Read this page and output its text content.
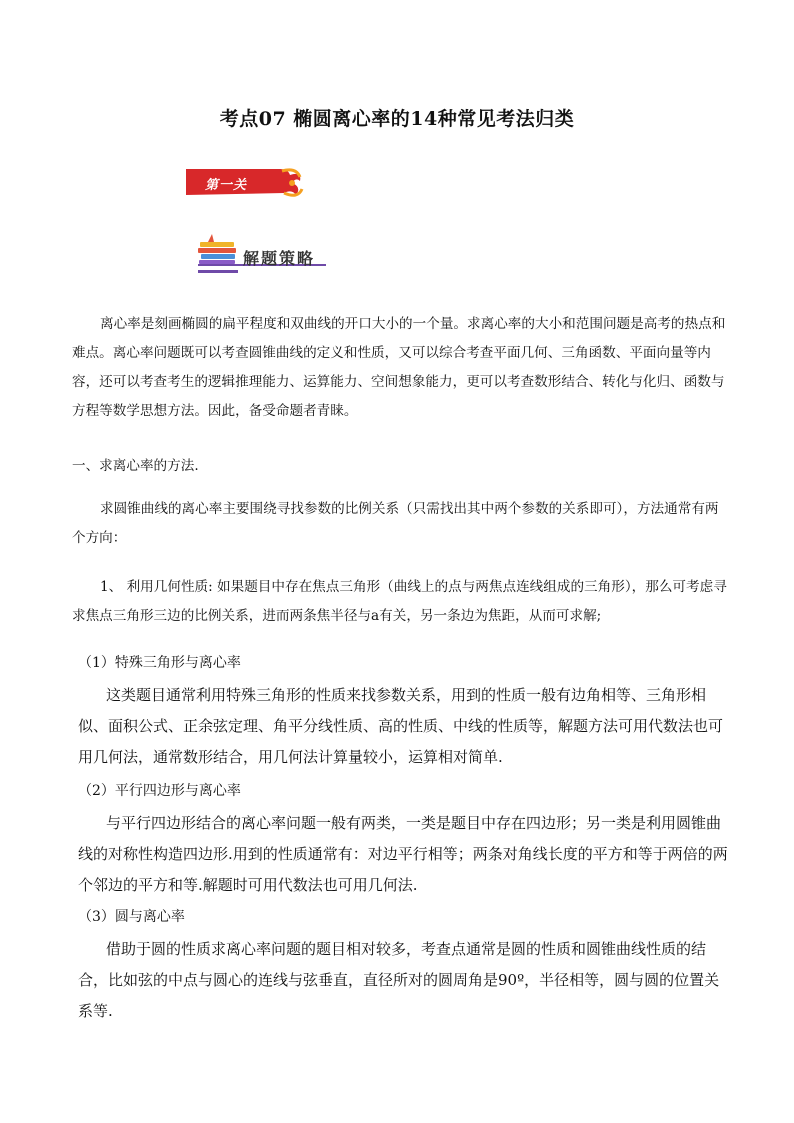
考点07 椭圆离心率的14种常见考法归类
第一关
解题策略

离心率是刻画椭圆的扁平程度和双曲线的开口大小的一个量。求离心率的大小和范围问题是高考的热点和难点。离心率问题既可以考查圆锥曲线的定义和性质，又可以综合考查平面几何、三角函数、平面向量等内容，还可以考查考生的逻辑推理能力、运算能力、空间想象能力，更可以考查数形结合、转化与化归、函数与方程等数学思想方法。因此，备受命题者青睐。

一、求离心率的方法.

求圆锥曲线的离心率主要围绕寻找参数的比例关系（只需找出其中两个参数的关系即可），方法通常有两个方向：

1、 利用几何性质: 如果题目中存在焦点三角形（曲线上的点与两焦点连线组成的三角形），那么可考虑寻求焦点三角形三边的比例关系，进而两条焦半径与a有关，另一条边为焦距，从而可求解;

（1）特殊三角形与离心率

这类题目通常利用特殊三角形的性质来找参数关系，用到的性质一般有边角相等、三角形相似、面积公式、正余弦定理、角平分线性质、高的性质、中线的性质等，解题方法可用代数法也可用几何法，通常数形结合，用几何法计算量较小，运算相对简单.

（2）平行四边形与离心率

与平行四边形结合的离心率问题一般有两类，一类是题目中存在四边形；另一类是利用圆锥曲线的对称性构造四边形.用到的性质通常有：对边平行相等；两条对角线长度的平方和等于两倍的两个邻边的平方和等.解题时可用代数法也可用几何法.

（3）圆与离心率

借助于圆的性质求离心率问题的题目相对较多，考查点通常是圆的性质和圆锥曲线性质的结合，比如弦的中点与圆心的连线与弦垂直，直径所对的圆周角是90º，半径相等，圆与圆的位置关系等.
